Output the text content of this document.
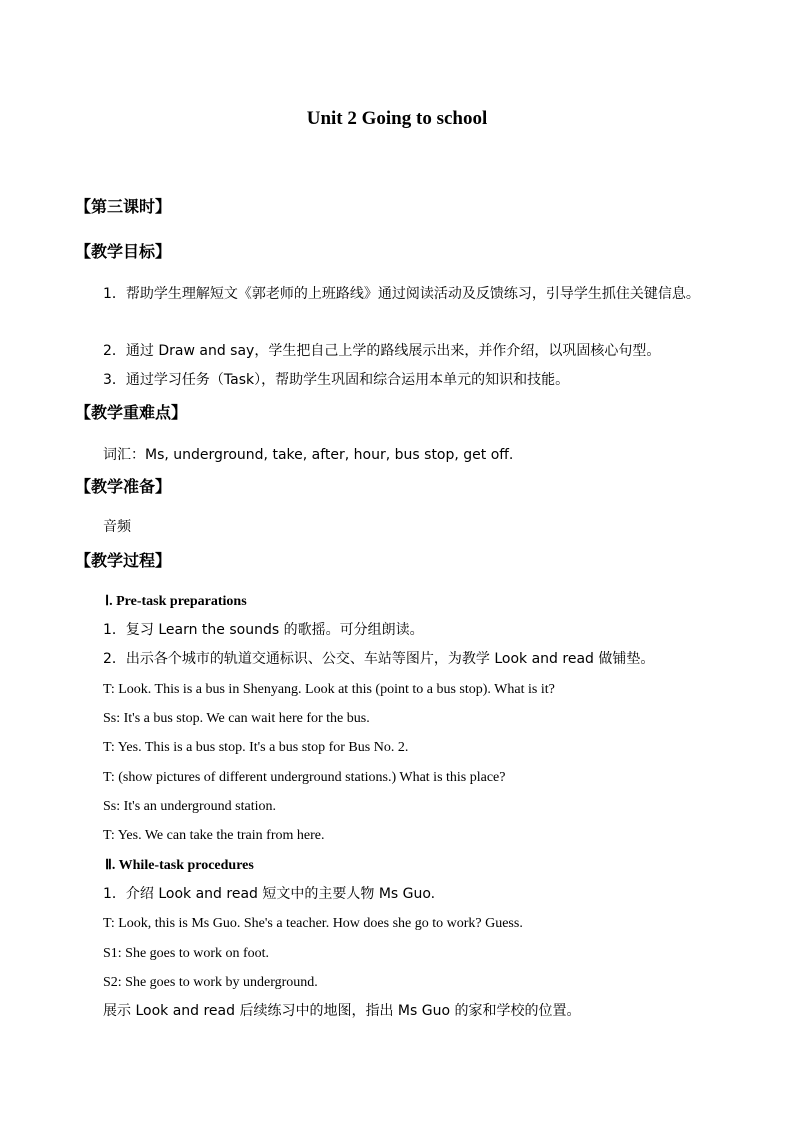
Unit 2 Going to school
【第三课时】
【教学目标】
1．帮助学生理解短文《郭老师的上班路线》通过阅读活动及反馈练习，引导学生抓住关键信息。
2．通过 Draw and say，学生把自己上学的路线展示出来，并作介绍，以巩固核心句型。
3．通过学习任务（Task），帮助学生巩固和综合运用本单元的知识和技能。
【教学重难点】
词汇：Ms, underground, take, after, hour, bus stop, get off.
【教学准备】
音频
【教学过程】
Ⅰ. Pre-task preparations
1．复习 Learn the sounds 的歌摇。可分组朗读。
2．出示各个城市的轨道交通标识、公交、车站等图片，为教学 Look and read 做铺垫。
T: Look. This is a bus in Shenyang. Look at this (point to a bus stop). What is it?
Ss: It's a bus stop. We can wait here for the bus.
T: Yes. This is a bus stop. It's a bus stop for Bus No. 2.
T: (show pictures of different underground stations.) What is this place?
Ss: It's an underground station.
T: Yes. We can take the train from here.
Ⅱ. While-task procedures
1．介绍 Look and read 短文中的主要人物 Ms Guo.
T: Look, this is Ms Guo. She's a teacher. How does she go to work? Guess.
S1: She goes to work on foot.
S2: She goes to work by underground.
展示 Look and read 后续练习中的地图，指出 Ms Guo 的家和学校的位置。
